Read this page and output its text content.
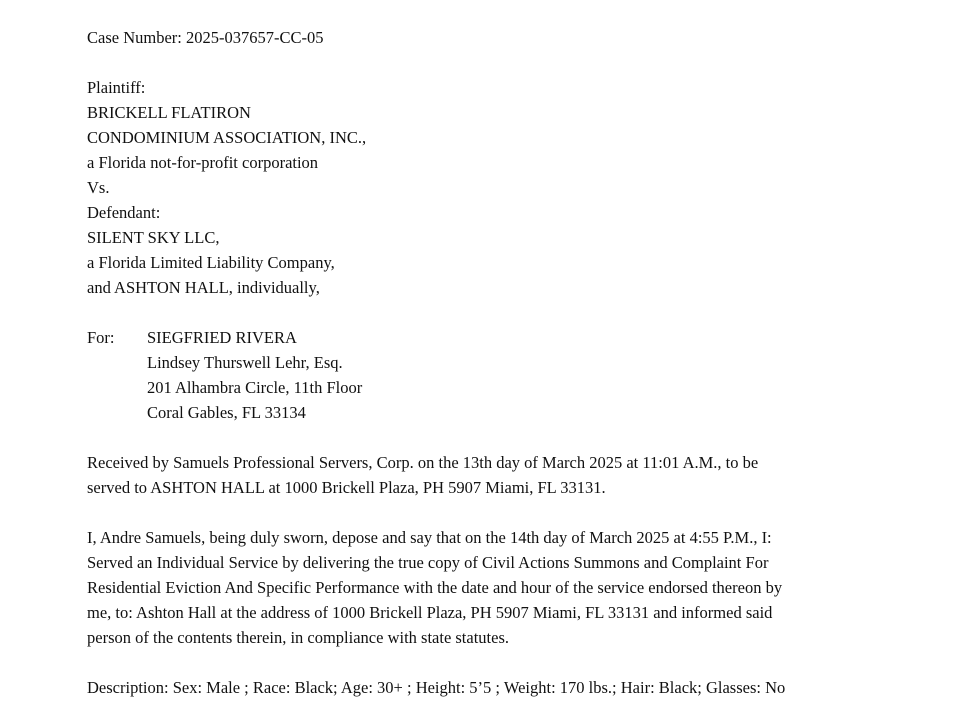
Case Number: 2025-037657-CC-05
Plaintiff:
BRICKELL FLATIRON
CONDOMINIUM ASSOCIATION, INC.,
a Florida not-for-profit corporation
Vs.
Defendant:
SILENT SKY LLC,
a Florida Limited Liability Company,
and ASHTON HALL, individually,
For:	SIEGFRIED RIVERA
Lindsey Thurswell Lehr, Esq.
201 Alhambra Circle, 11th Floor
Coral Gables, FL 33134
Received by Samuels Professional Servers, Corp. on the 13th day of March 2025 at 11:01 A.M., to be
served to ASHTON HALL at 1000 Brickell Plaza, PH 5907 Miami, FL 33131.
I, Andre Samuels, being duly sworn, depose and say that on the 14th day of March 2025 at 4:55 P.M., I:
Served an Individual Service by delivering the true copy of Civil Actions Summons and Complaint For
Residential Eviction And Specific Performance with the date and hour of the service endorsed thereon by
me, to: Ashton Hall at the address of 1000 Brickell Plaza, PH 5907 Miami, FL 33131 and informed said
person of the contents therein, in compliance with state statutes.
Description: Sex: Male ; Race: Black; Age: 30+ ; Height: 5’5 ; Weight: 170 lbs.; Hair: Black; Glasses: No
